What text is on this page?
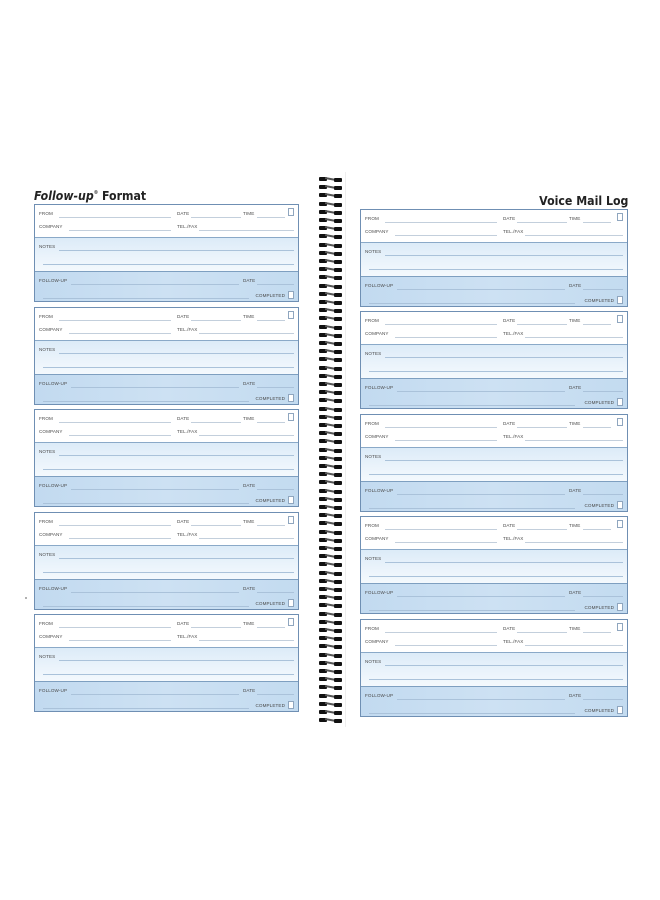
Follow-up® Format
FROM	DATE	TIME
COMPANY	TEL./FAX
NOTES
FOLLOW-UP	DATE
COMPLETED
FROM	DATE	TIME
COMPANY	TEL./FAX
NOTES
FOLLOW-UP	DATE
COMPLETED
FROM	DATE	TIME
COMPANY	TEL./FAX
NOTES
FOLLOW-UP	DATE
COMPLETED
FROM	DATE	TIME
COMPANY	TEL./FAX
NOTES
FOLLOW-UP	DATE
COMPLETED
FROM	DATE	TIME
COMPANY	TEL./FAX
NOTES
FOLLOW-UP	DATE
COMPLETED
Voice Mail Log
FROM	DATE	TIME
COMPANY	TEL./FAX
NOTES
FOLLOW-UP	DATE
COMPLETED
FROM	DATE	TIME
COMPANY	TEL./FAX
NOTES
FOLLOW-UP	DATE
COMPLETED
FROM	DATE	TIME
COMPANY	TEL./FAX
NOTES
FOLLOW-UP	DATE
COMPLETED
FROM	DATE	TIME
COMPANY	TEL./FAX
NOTES
FOLLOW-UP	DATE
COMPLETED
FROM	DATE	TIME
COMPANY	TEL./FAX
NOTES
FOLLOW-UP	DATE
COMPLETED
